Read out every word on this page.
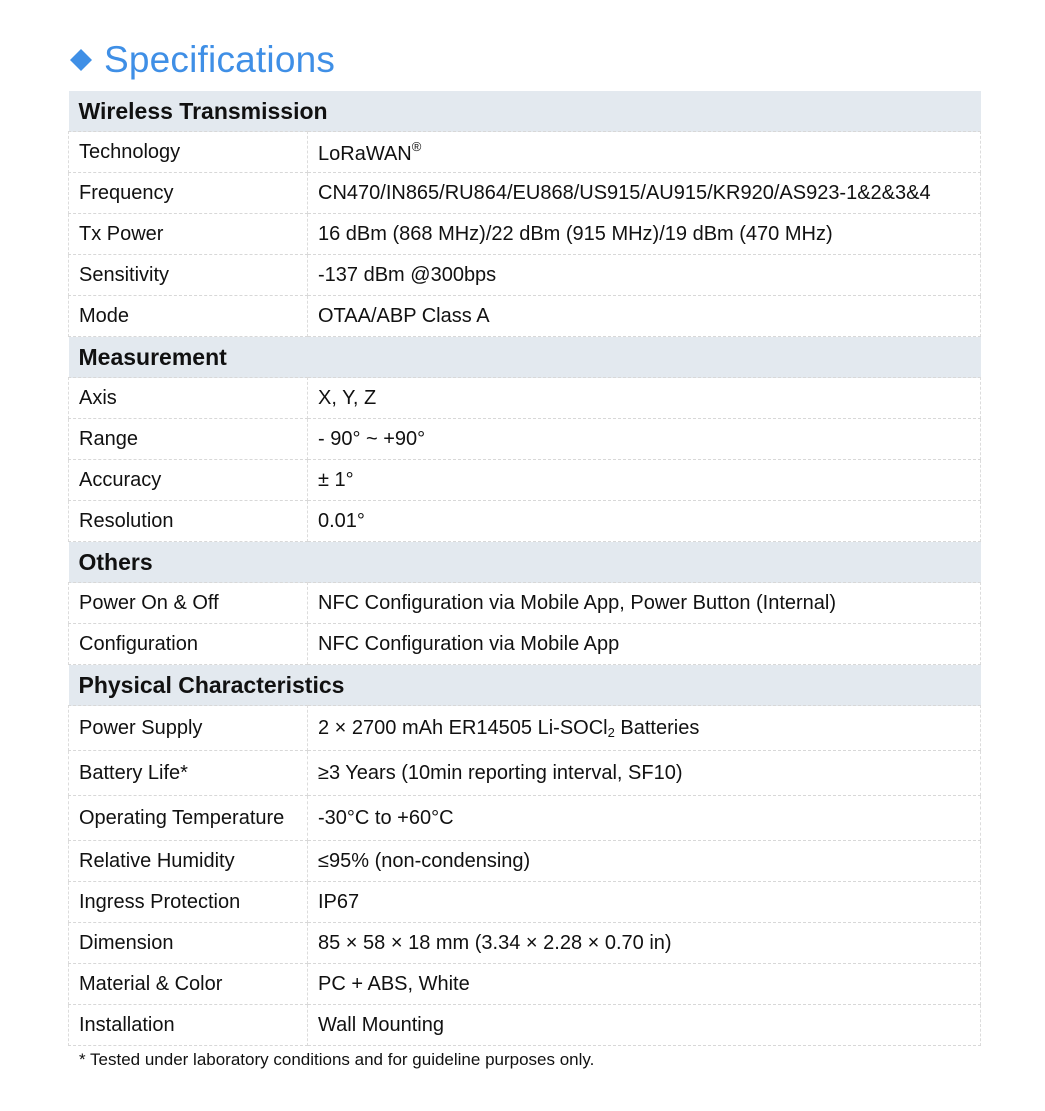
Specifications
Wireless Transmission	
Technology	LoRaWAN®
Frequency	CN470/IN865/RU864/EU868/US915/AU915/KR920/AS923-1&2&3&4
Tx Power	16 dBm (868 MHz)/22 dBm (915 MHz)/19 dBm (470 MHz)
Sensitivity	-137 dBm @300bps
Mode	OTAA/ABP Class A
Measurement	
Axis	X, Y, Z
Range	- 90° ~ +90°
Accuracy	± 1°
Resolution	0.01°
Others	
Power On & Off	NFC Configuration via Mobile App, Power Button (Internal)
Configuration	NFC Configuration via Mobile App
Physical Characteristics	
Power Supply	2 × 2700 mAh ER14505 Li-SOCl$_2$ Batteries
Battery Life*	≥3 Years (10min reporting interval, SF10)
Operating Temperature	-30°C to +60°C
Relative Humidity	≤95% (non-condensing)
Ingress Protection	IP67
Dimension	85 × 58 × 18 mm (3.34 × 2.28 × 0.70 in)
Material & Color	PC + ABS, White
Installation	Wall Mounting
* Tested under laboratory conditions and for guideline purposes only.
